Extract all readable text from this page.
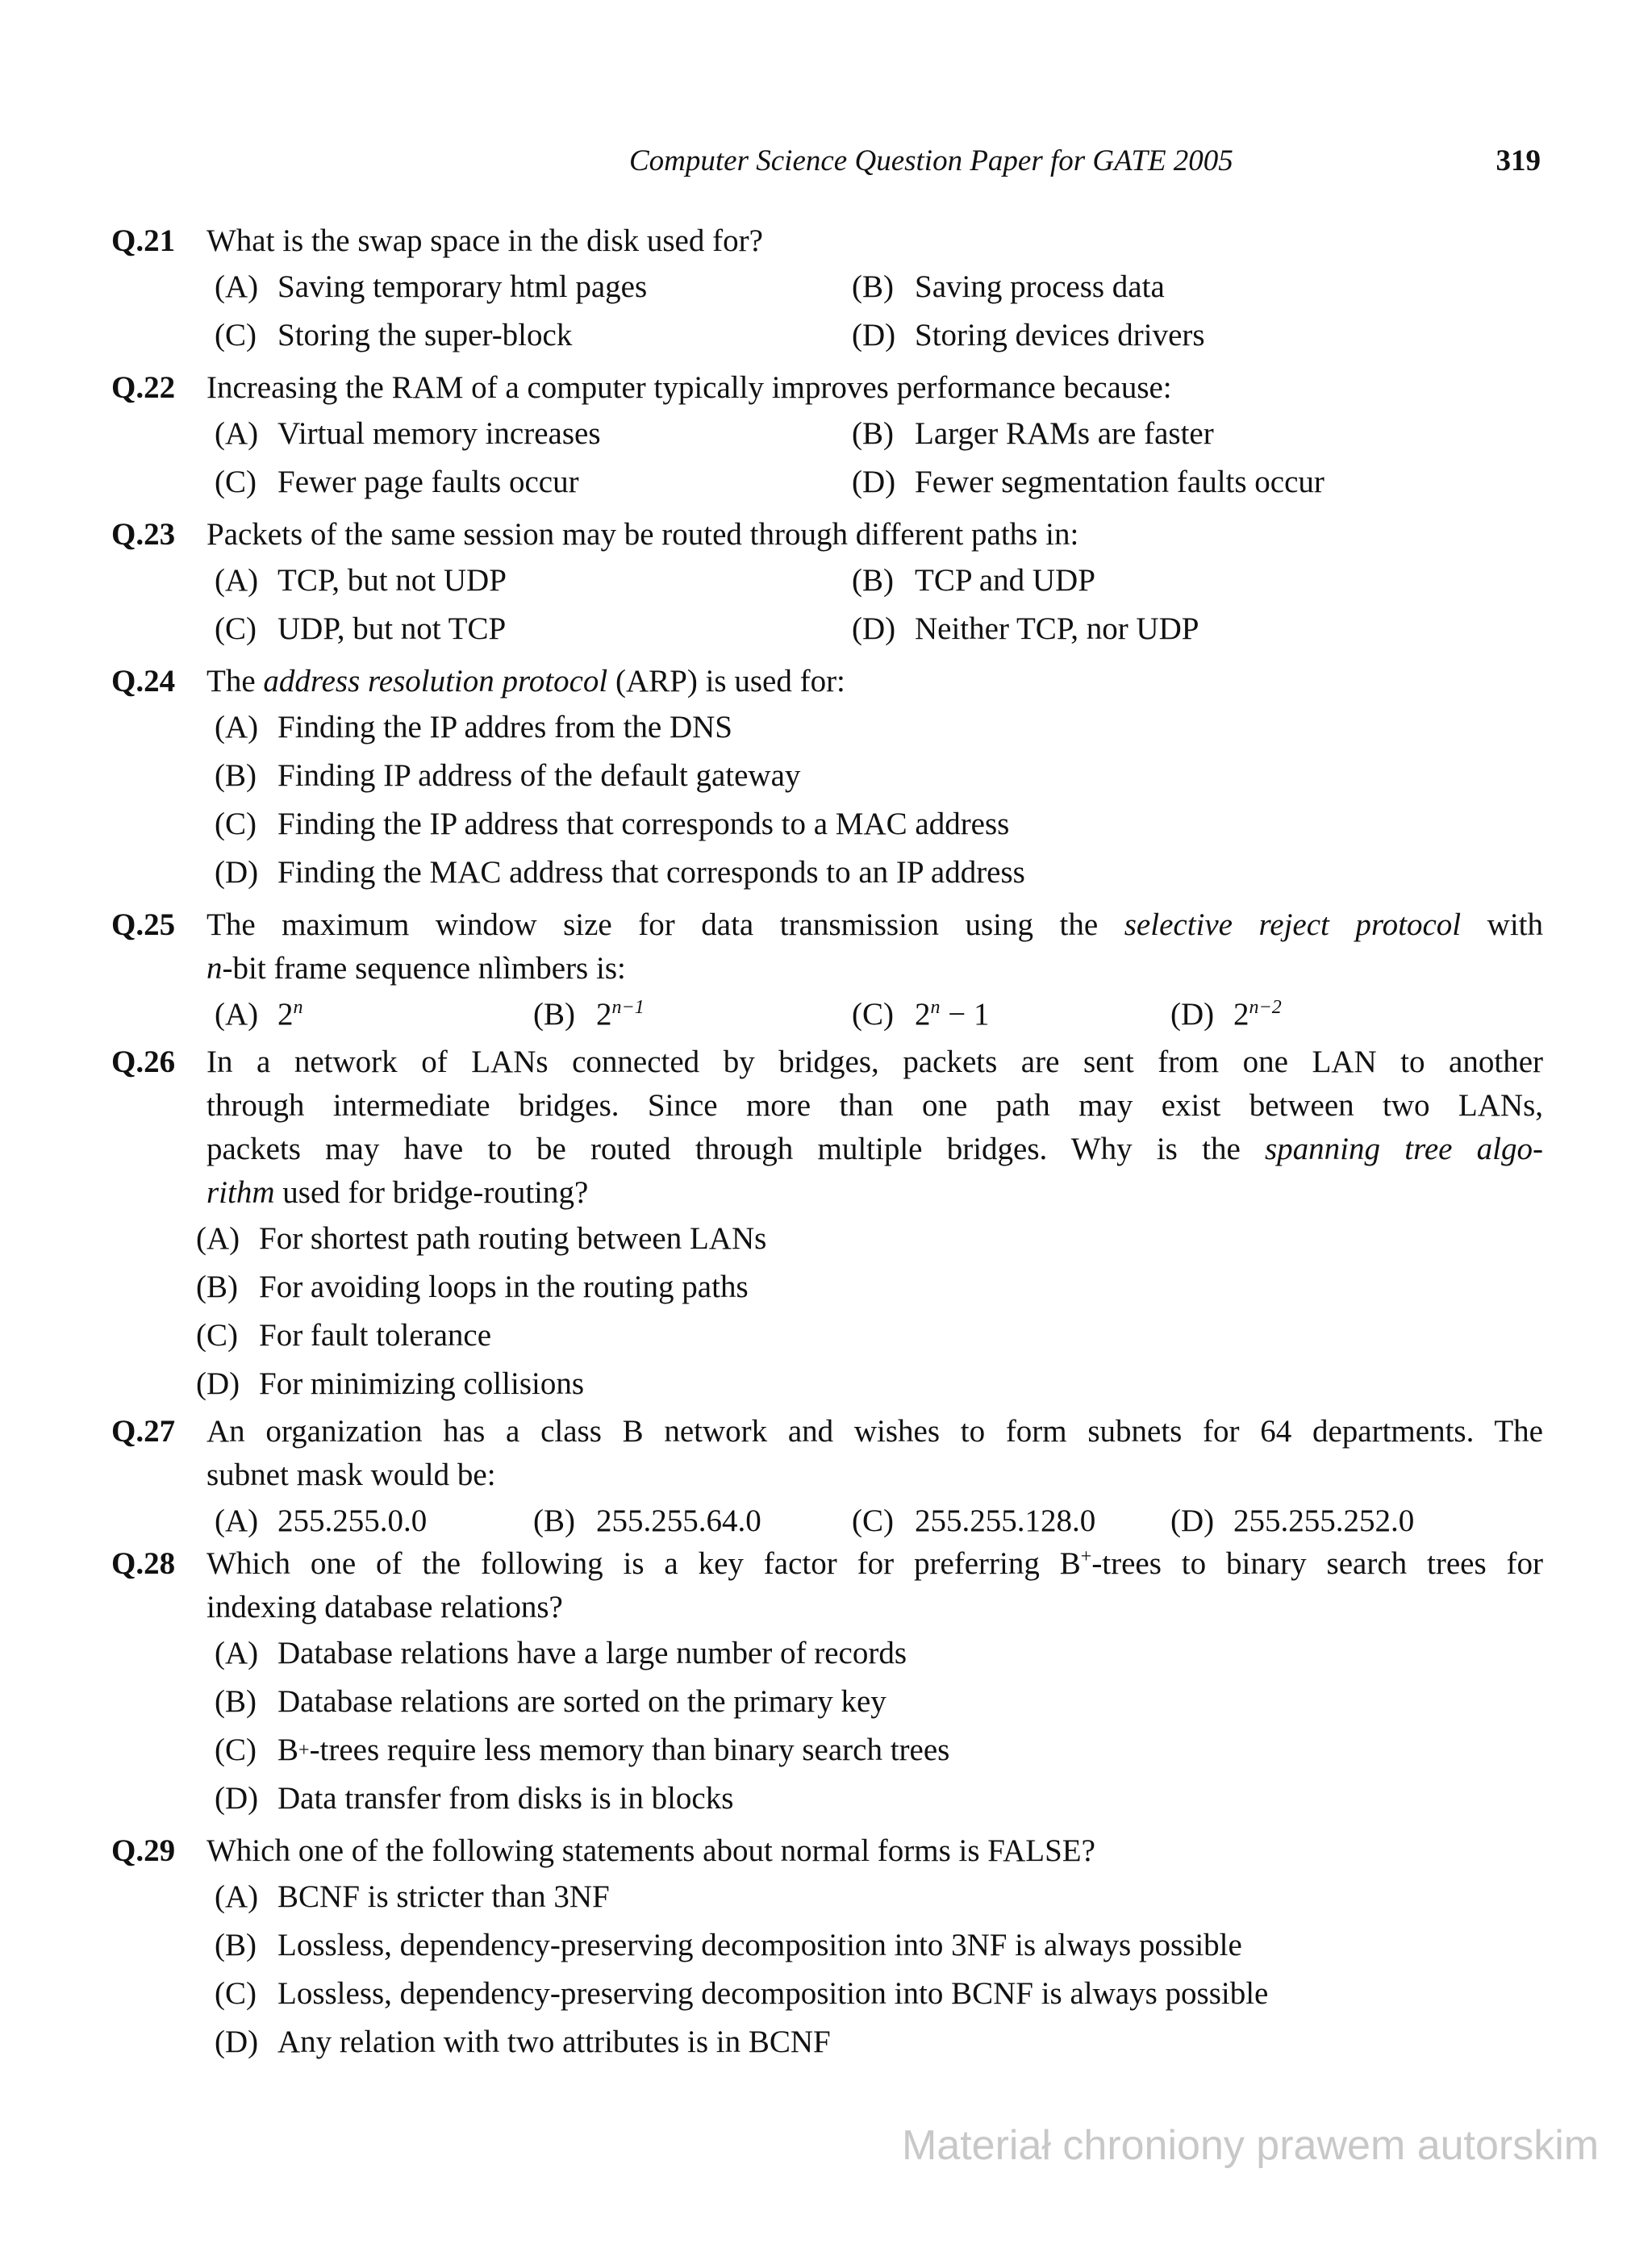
Computer Science Question Paper for GATE 2005	319
Q.21 What is the swap space in the disk used for?
(A) Saving temporary html pages	(B) Saving process data
(C) Storing the super-block	(D) Storing devices drivers
Q.22 Increasing the RAM of a computer typically improves performance because:
(A) Virtual memory increases	(B) Larger RAMs are faster
(C) Fewer page faults occur	(D) Fewer segmentation faults occur
Q.23 Packets of the same session may be routed through different paths in:
(A) TCP, but not UDP	(B) TCP and UDP
(C) UDP, but not TCP	(D) Neither TCP, nor UDP
Q.24 The address resolution protocol (ARP) is used for:
(A) Finding the IP addres from the DNS
(B) Finding IP address of the default gateway
(C) Finding the IP address that corresponds to a MAC address
(D) Finding the MAC address that corresponds to an IP address
Q.25 The maximum window size for data transmission using the selective reject protocol with
n-bit frame sequence nlìmbers is:
(A) 2$^n$	(B) $2^{n-1}$	(C) $2^n - 1$	(D) $2^{n-2}$
Q.26 In a network of LANs connected by bridges, packets are sent from one LAN to another
through intermediate bridges. Since more than one path may exist between two LANs,
packets may have to be routed through multiple bridges. Why is the spanning tree algo-
rithm used for bridge-routing?
(A) For shortest path routing between LANs
(B) For avoiding loops in the routing paths
(C) For fault tolerance
(D) For minimizing collisions
Q.27 An organization has a class B network and wishes to form subnets for 64 departments. The
subnet mask would be:
(A) 255.255.0.0	(B) 255.255.64.0	(C) 255.255.128.0	(D) 255.255.252.0
Q.28 Which one of the following is a key factor for preferring B+-trees to binary search trees for
indexing database relations?
(A) Database relations have a large number of records
(B) Database relations are sorted on the primary key
(C) B + -trees require less memory than binary search trees
(D) Data transfer from disks is in blocks
Q.29 Which one of the following statements about normal forms is FALSE?
(A) BCNF is stricter than 3NF
(B) Lossless, dependency-preserving decomposition into 3NF is always possible
(C) Lossless, dependency-preserving decomposition into BCNF is always possible
(D) Any relation with two attributes is in BCNF
Materiał chroniony prawem autorskim
